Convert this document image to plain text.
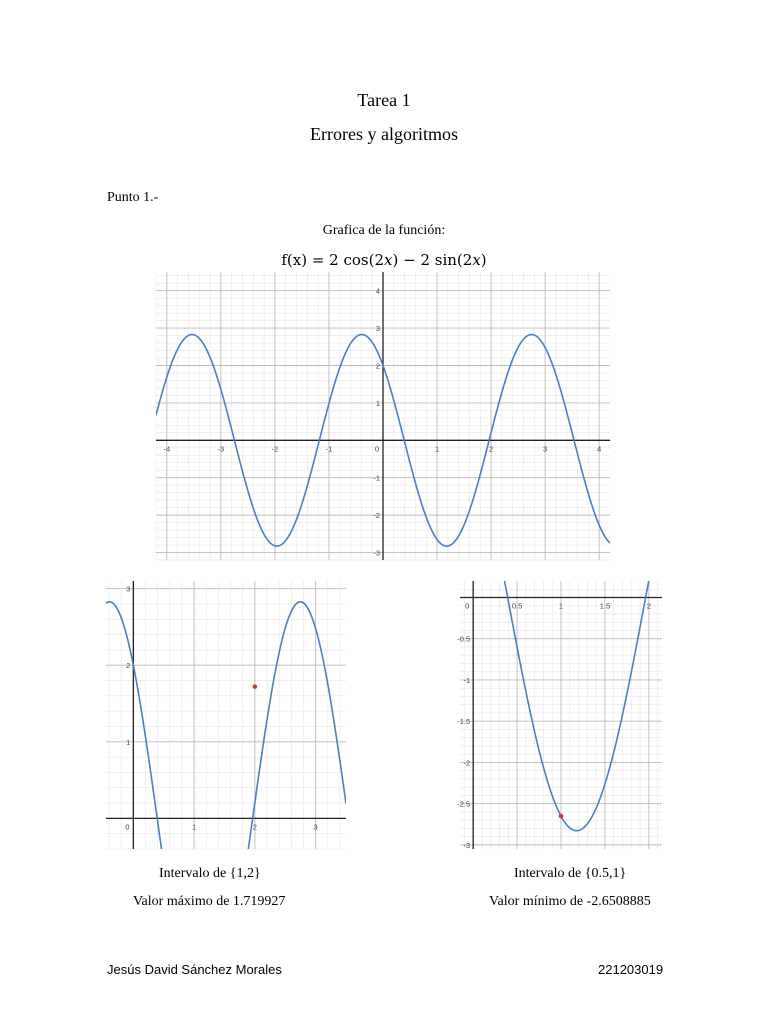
Tarea 1
Errores y algoritmos
Punto 1.-
Grafica de la función:
f(x) = 2 cos(2x) − 2 sin(2x)
-4	-3	-2	-1	0	1	2	3	4
-3
-2
-1
1
2
3
4
0	1	2	3
1
2
3
0	0.5	1	1.5	2
-0.5
-1
-1.5
-2
-2.5
-3
Intervalo de {1,2}
Valor máximo de 1.719927
Intervalo de {0.5,1}
Valor mínimo de -2.6508885
Jesús David Sánchez Morales	221203019
